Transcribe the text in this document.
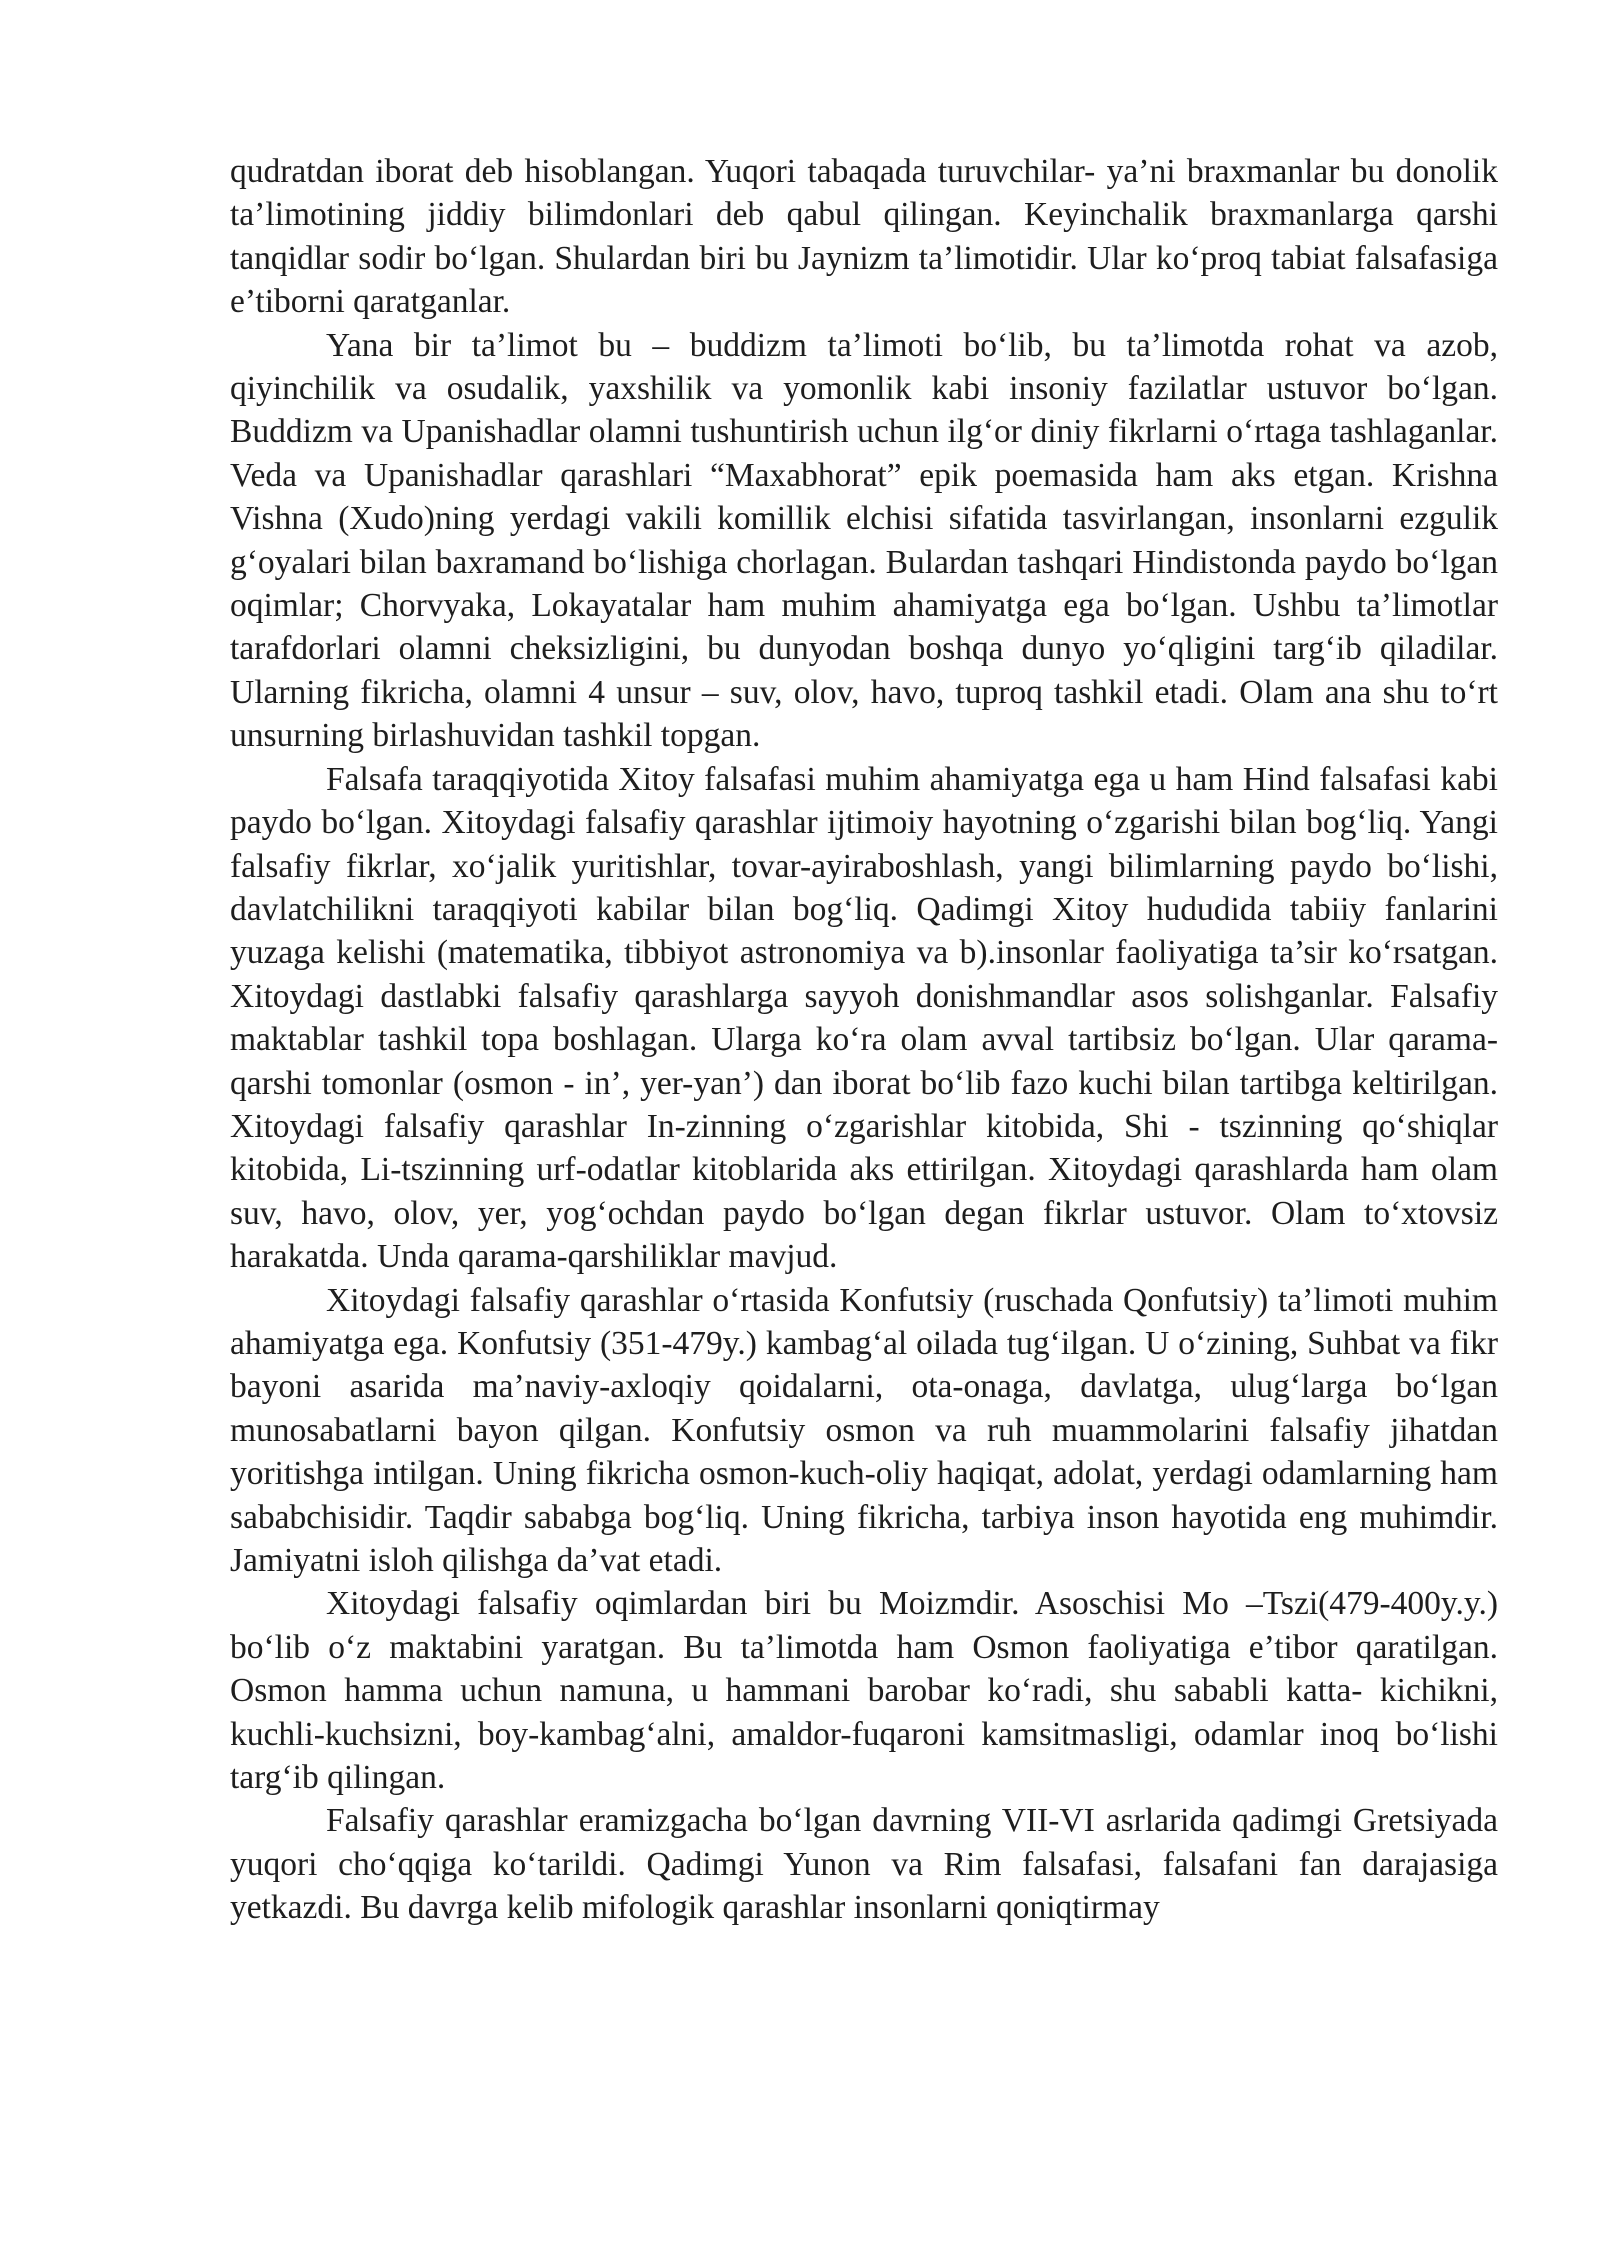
qudratdan iborat deb hisoblangan. Yuqori tabaqada turuvchilar- ya’ni braxmanlar bu donolik ta’limotining jiddiy bilimdonlari deb qabul qilingan. Keyinchalik braxmanlarga qarshi tanqidlar sodir bo‘lgan. Shulardan biri bu Jaynizm ta’limotidir. Ular ko‘proq tabiat falsafasiga e’tiborni qaratganlar.

Yana bir ta’limot bu – buddizm ta’limoti bo‘lib, bu ta’limotda rohat va azob, qiyinchilik va osudalik, yaxshilik va yomonlik kabi insoniy fazilatlar ustuvor bo‘lgan. Buddizm va Upanishadlar olamni tushuntirish uchun ilg‘or diniy fikrlarni o‘rtaga tashlaganlar. Veda va Upanishadlar qarashlari “Maxabhorat” epik poemasida ham aks etgan. Krishna Vishna (Xudo)ning yerdagi vakili komillik elchisi sifatida tasvirlangan, insonlarni ezgulik g‘oyalari bilan baxramand bo‘lishiga chorlagan. Bulardan tashqari Hindistonda paydo bo‘lgan oqimlar; Chorvyaka, Lokayatalar ham muhim ahamiyatga ega bo‘lgan. Ushbu ta’limotlar tarafdorlari olamni cheksizligini, bu dunyodan boshqa dunyo yo‘qligini targ‘ib qiladilar. Ularning fikricha, olamni 4 unsur – suv, olov, havo, tuproq tashkil etadi. Olam ana shu to‘rt unsurning birlashuvidan tashkil topgan.

Falsafa taraqqiyotida Xitoy falsafasi muhim ahamiyatga ega u ham Hind falsafasi kabi paydo bo‘lgan. Xitoydagi falsafiy qarashlar ijtimoiy hayotning o‘zgarishi bilan bog‘liq. Yangi falsafiy fikrlar, xo‘jalik yuritishlar, tovar-ayiraboshlash, yangi bilimlarning paydo bo‘lishi, davlatchilikni taraqqiyoti kabilar bilan bog‘liq. Qadimgi Xitoy hududida tabiiy fanlarini yuzaga kelishi (matematika, tibbiyot astronomiya va b).insonlar faoliyatiga ta’sir ko‘rsatgan. Xitoydagi dastlabki falsafiy qarashlarga sayyoh donishmandlar asos solishganlar. Falsafiy maktablar tashkil topa boshlagan. Ularga ko‘ra olam avval tartibsiz bo‘lgan. Ular qarama-qarshi tomonlar (osmon - in’, yer-yan’) dan iborat bo‘lib fazo kuchi bilan tartibga keltirilgan. Xitoydagi falsafiy qarashlar In-zinning o‘zgarishlar kitobida, Shi - tszinning qo‘shiqlar kitobida, Li-tszinning urf-odatlar kitoblarida aks ettirilgan. Xitoydagi qarashlarda ham olam suv, havo, olov, yer, yog‘ochdan paydo bo‘lgan degan fikrlar ustuvor. Olam to‘xtovsiz harakatda. Unda qarama-qarshiliklar mavjud.

Xitoydagi falsafiy qarashlar o‘rtasida Konfutsiy (ruschada Qonfutsiy) ta’limoti muhim ahamiyatga ega. Konfutsiy (351-479y.) kambag‘al oilada tug‘ilgan. U o‘zining, Suhbat va fikr bayoni asarida ma’naviy-axloqiy qoidalarni, ota-onaga, davlatga, ulug‘larga bo‘lgan munosabatlarni bayon qilgan. Konfutsiy osmon va ruh muammolarini falsafiy jihatdan yoritishga intilgan. Uning fikricha osmon-kuch-oliy haqiqat, adolat, yerdagi odamlarning ham sababchisidir. Taqdir sababga bog‘liq. Uning fikricha, tarbiya inson hayotida eng muhimdir. Jamiyatni isloh qilishga da’vat etadi.

Xitoydagi falsafiy oqimlardan biri bu Moizmdir. Asoschisi Mo –Tszi(479-400y.y.) bo‘lib o‘z maktabini yaratgan. Bu ta’limotda ham Osmon faoliyatiga e’tibor qaratilgan. Osmon hamma uchun namuna, u hammani barobar ko‘radi, shu sababli katta- kichikni, kuchli-kuchsizni, boy-kambag‘alni, amaldor-fuqaroni kamsitmasligi, odamlar inoq bo‘lishi targ‘ib qilingan.

Falsafiy qarashlar eramizgacha bo‘lgan davrning VII-VI asrlarida qadimgi Gretsiyada yuqori cho‘qqiga ko‘tarildi. Qadimgi Yunon va Rim falsafasi, falsafani fan darajasiga yetkazdi. Bu davrga kelib mifologik qarashlar insonlarni qoniqtirmay
